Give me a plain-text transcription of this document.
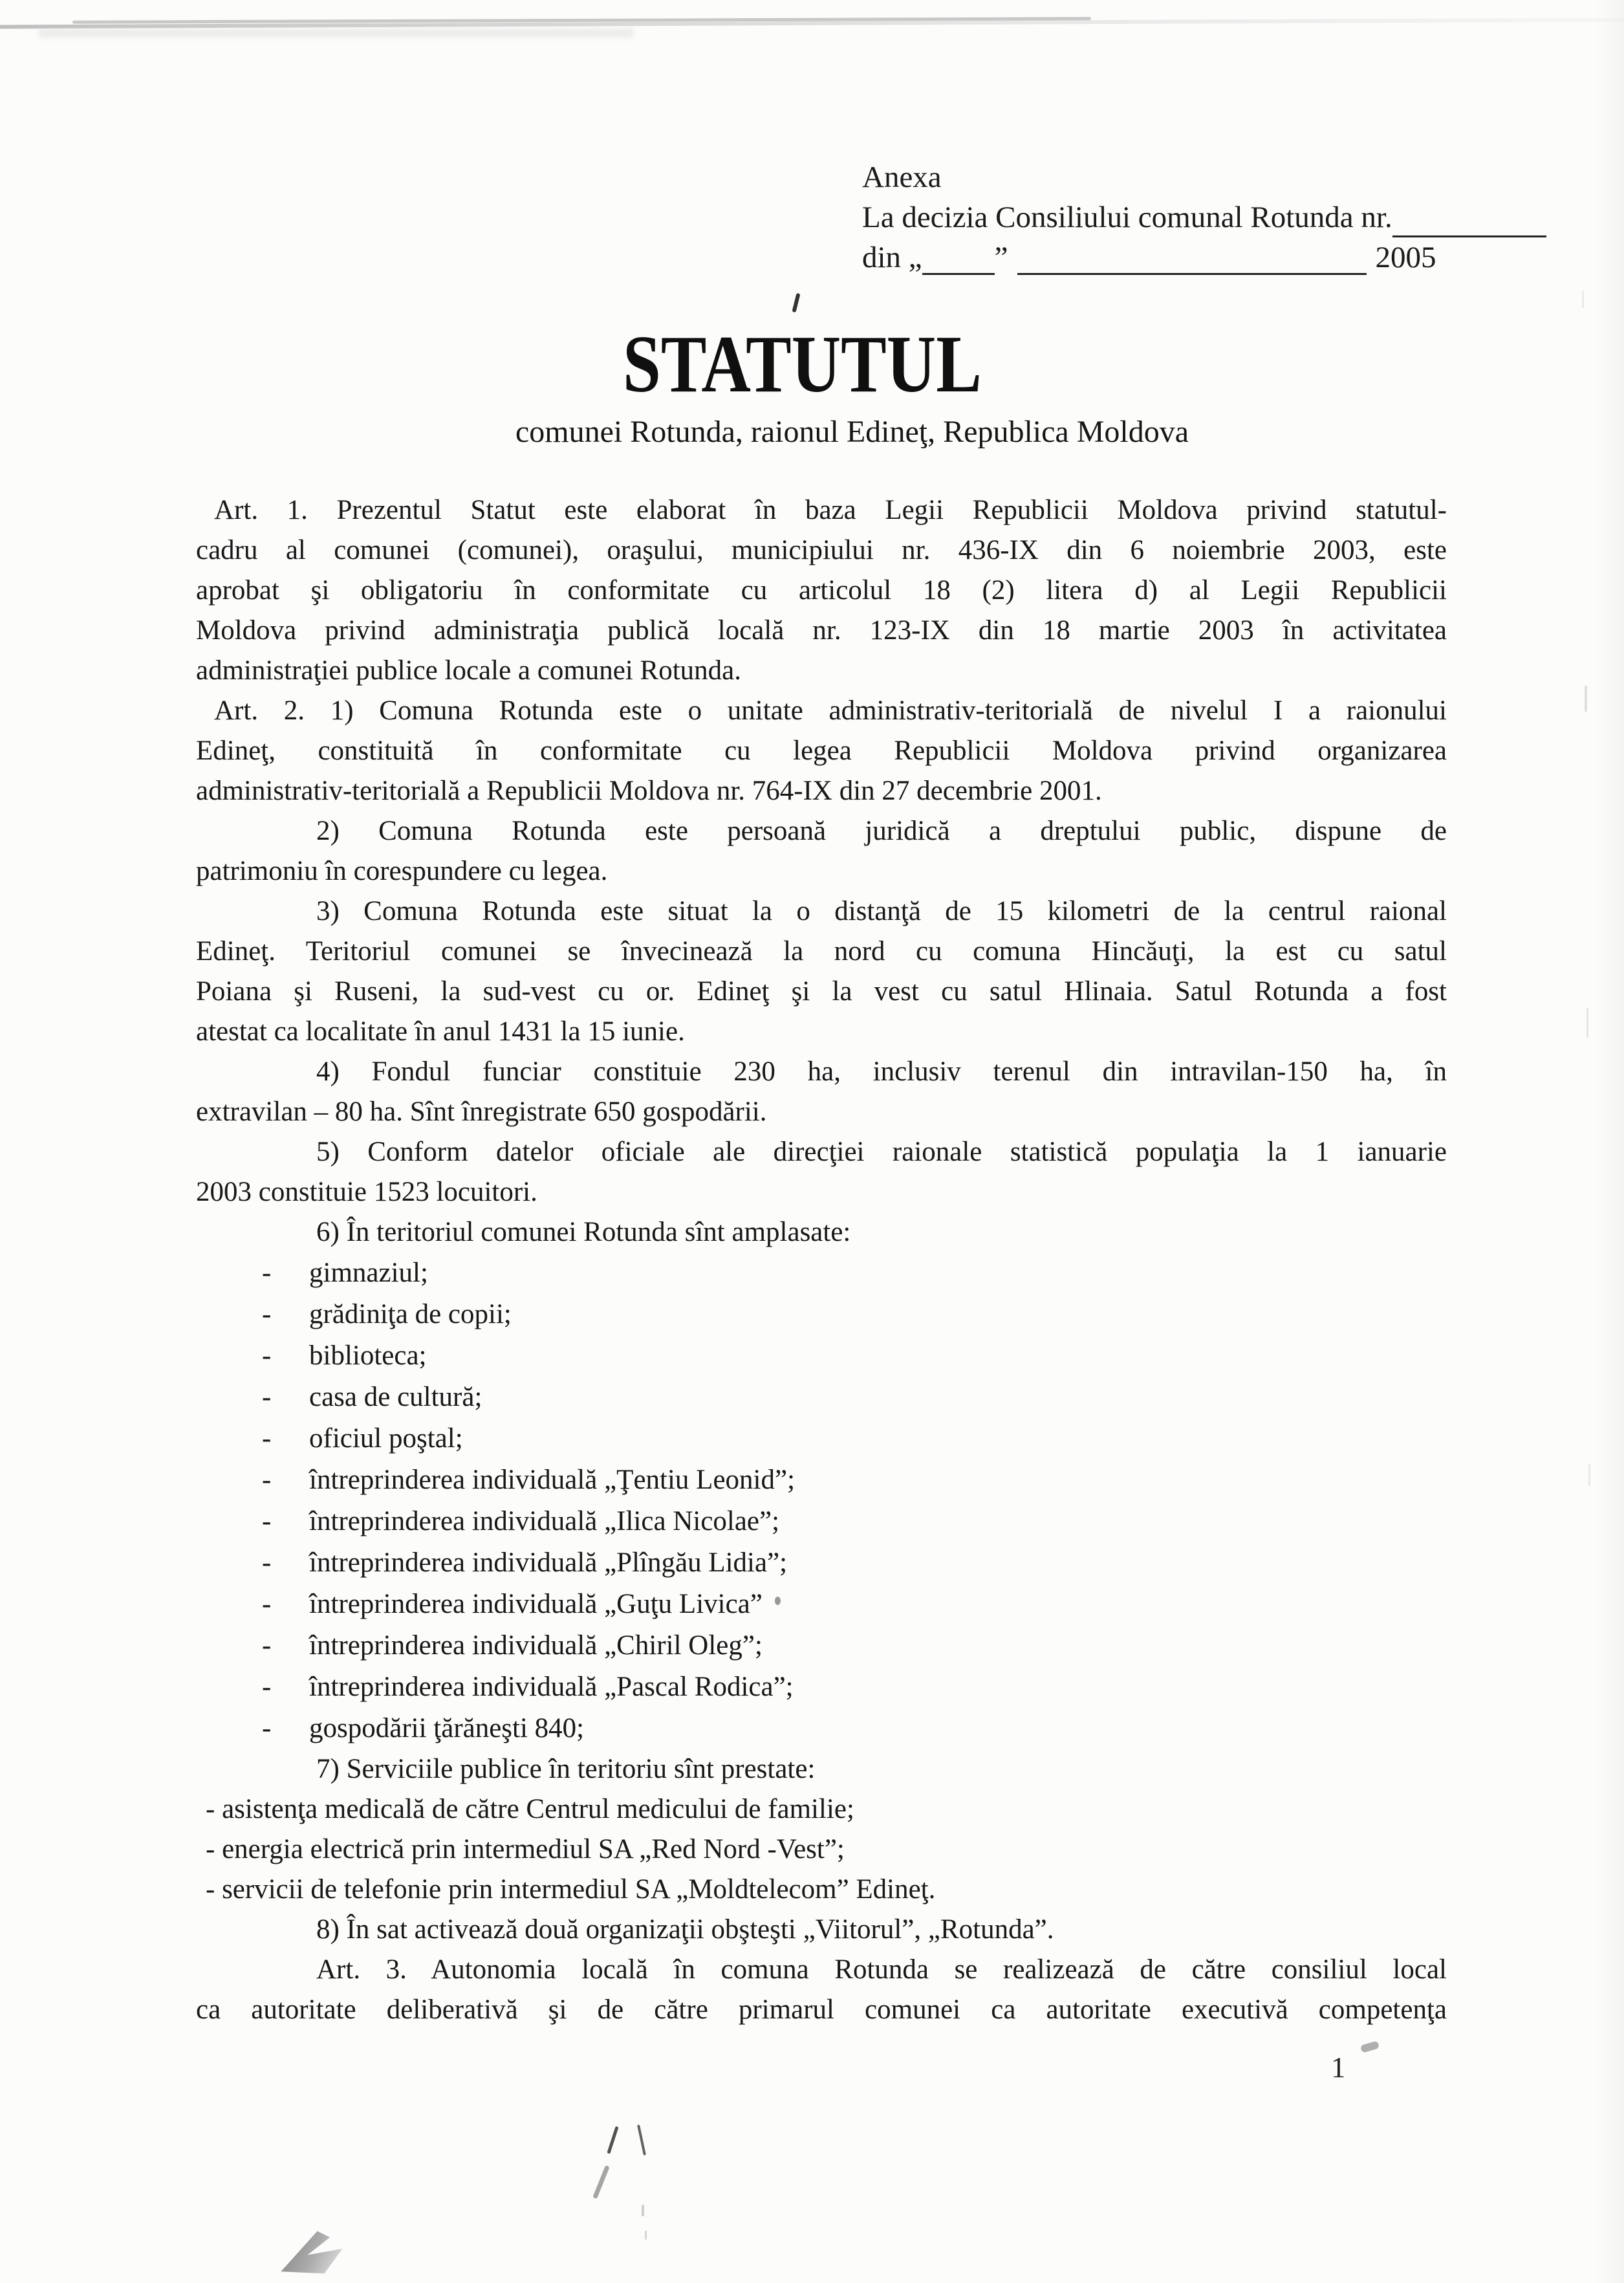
Anexa
La decizia Consiliului comunal Rotunda nr.
din „ ”	2005
STATUTUL
comunei Rotunda, raionul Edineţ, Republica Moldova
Art. 1. Prezentul Statut este elaborat în baza Legii Republicii Moldova privind statutul-
cadru al comunei (comunei), oraşului, municipiului nr. 436-IX din 6 noiembrie 2003, este
aprobat şi obligatoriu în conformitate cu articolul 18 (2) litera d) al Legii Republicii
Moldova privind administraţia publică locală nr. 123-IX din 18 martie 2003 în activitatea
administraţiei publice locale a comunei Rotunda.
Art. 2. 1) Comuna Rotunda este o unitate administrativ-teritorială de nivelul I a raionului
Edineţ, constituită în conformitate cu legea Republicii Moldova privind organizarea
administrativ-teritorială a Republicii Moldova nr. 764-IX din 27 decembrie 2001.
2) Comuna Rotunda este persoană juridică a dreptului public, dispune de
patrimoniu în corespundere cu legea.
3) Comuna Rotunda este situat la o distanţă de 15 kilometri de la centrul raional
Edineţ. Teritoriul comunei se învecinează la nord cu comuna Hincăuţi, la est cu satul
Poiana şi Ruseni, la sud-vest cu or. Edineţ şi la vest cu satul Hlinaia. Satul Rotunda a fost
atestat ca localitate în anul 1431 la 15 iunie.
4) Fondul funciar constituie 230 ha, inclusiv terenul din intravilan-150 ha, în
extravilan – 80 ha. Sînt înregistrate 650 gospodării.
5) Conform datelor oficiale ale direcţiei raionale statistică populaţia la 1 ianuarie
2003 constituie 1523 locuitori.
6) În teritoriul comunei Rotunda sînt amplasate:
- gimnaziul;
- grădiniţa de copii;
- biblioteca;
- casa de cultură;
- oficiul poştal;
- întreprinderea individuală „Ţentiu Leonid”;
- întreprinderea individuală „Ilica Nicolae”;
- întreprinderea individuală „Plîngău Lidia”;
- întreprinderea individuală „Guţu Livica”
- întreprinderea individuală „Chiril Oleg”;
- întreprinderea individuală „Pascal Rodica”;
- gospodării ţărăneşti 840;
7) Serviciile publice în teritoriu sînt prestate:
- asistenţa medicală de către Centrul medicului de familie;
- energia electrică prin intermediul SA „Red Nord -Vest”;
- servicii de telefonie prin intermediul SA „Moldtelecom” Edineţ.
8) În sat activează două organizaţii obşteşti „Viitorul”, „Rotunda”.
Art. 3. Autonomia locală în comuna Rotunda se realizează de către consiliul local
ca autoritate deliberativă şi de către primarul comunei ca autoritate executivă competenţa
1
